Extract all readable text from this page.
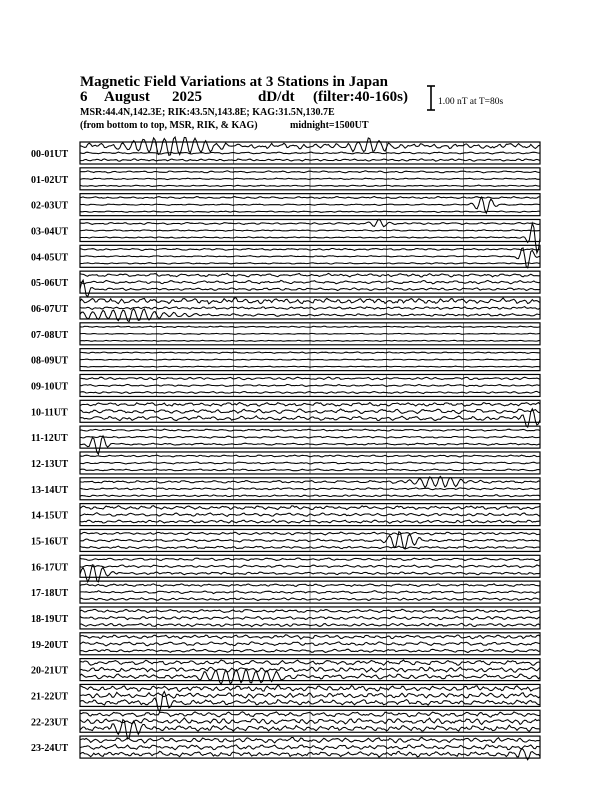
Magnetic Field Variations at 3 Stations in Japan
6 August 2025	dD/dt (filter:40-160s)
MSR:44.4N,142.3E; RIK:43.5N,143.8E; KAG:31.5N,130.7E
(from bottom to top, MSR, RIK, & KAG)	midnight=1500UT
1.00 nT at T=80s
00-01UT
01-02UT
02-03UT
03-04UT
04-05UT
05-06UT
06-07UT
07-08UT
08-09UT
09-10UT
10-11UT
11-12UT
12-13UT
13-14UT
14-15UT
15-16UT
16-17UT
17-18UT
18-19UT
19-20UT
20-21UT
21-22UT
22-23UT
23-24UT
